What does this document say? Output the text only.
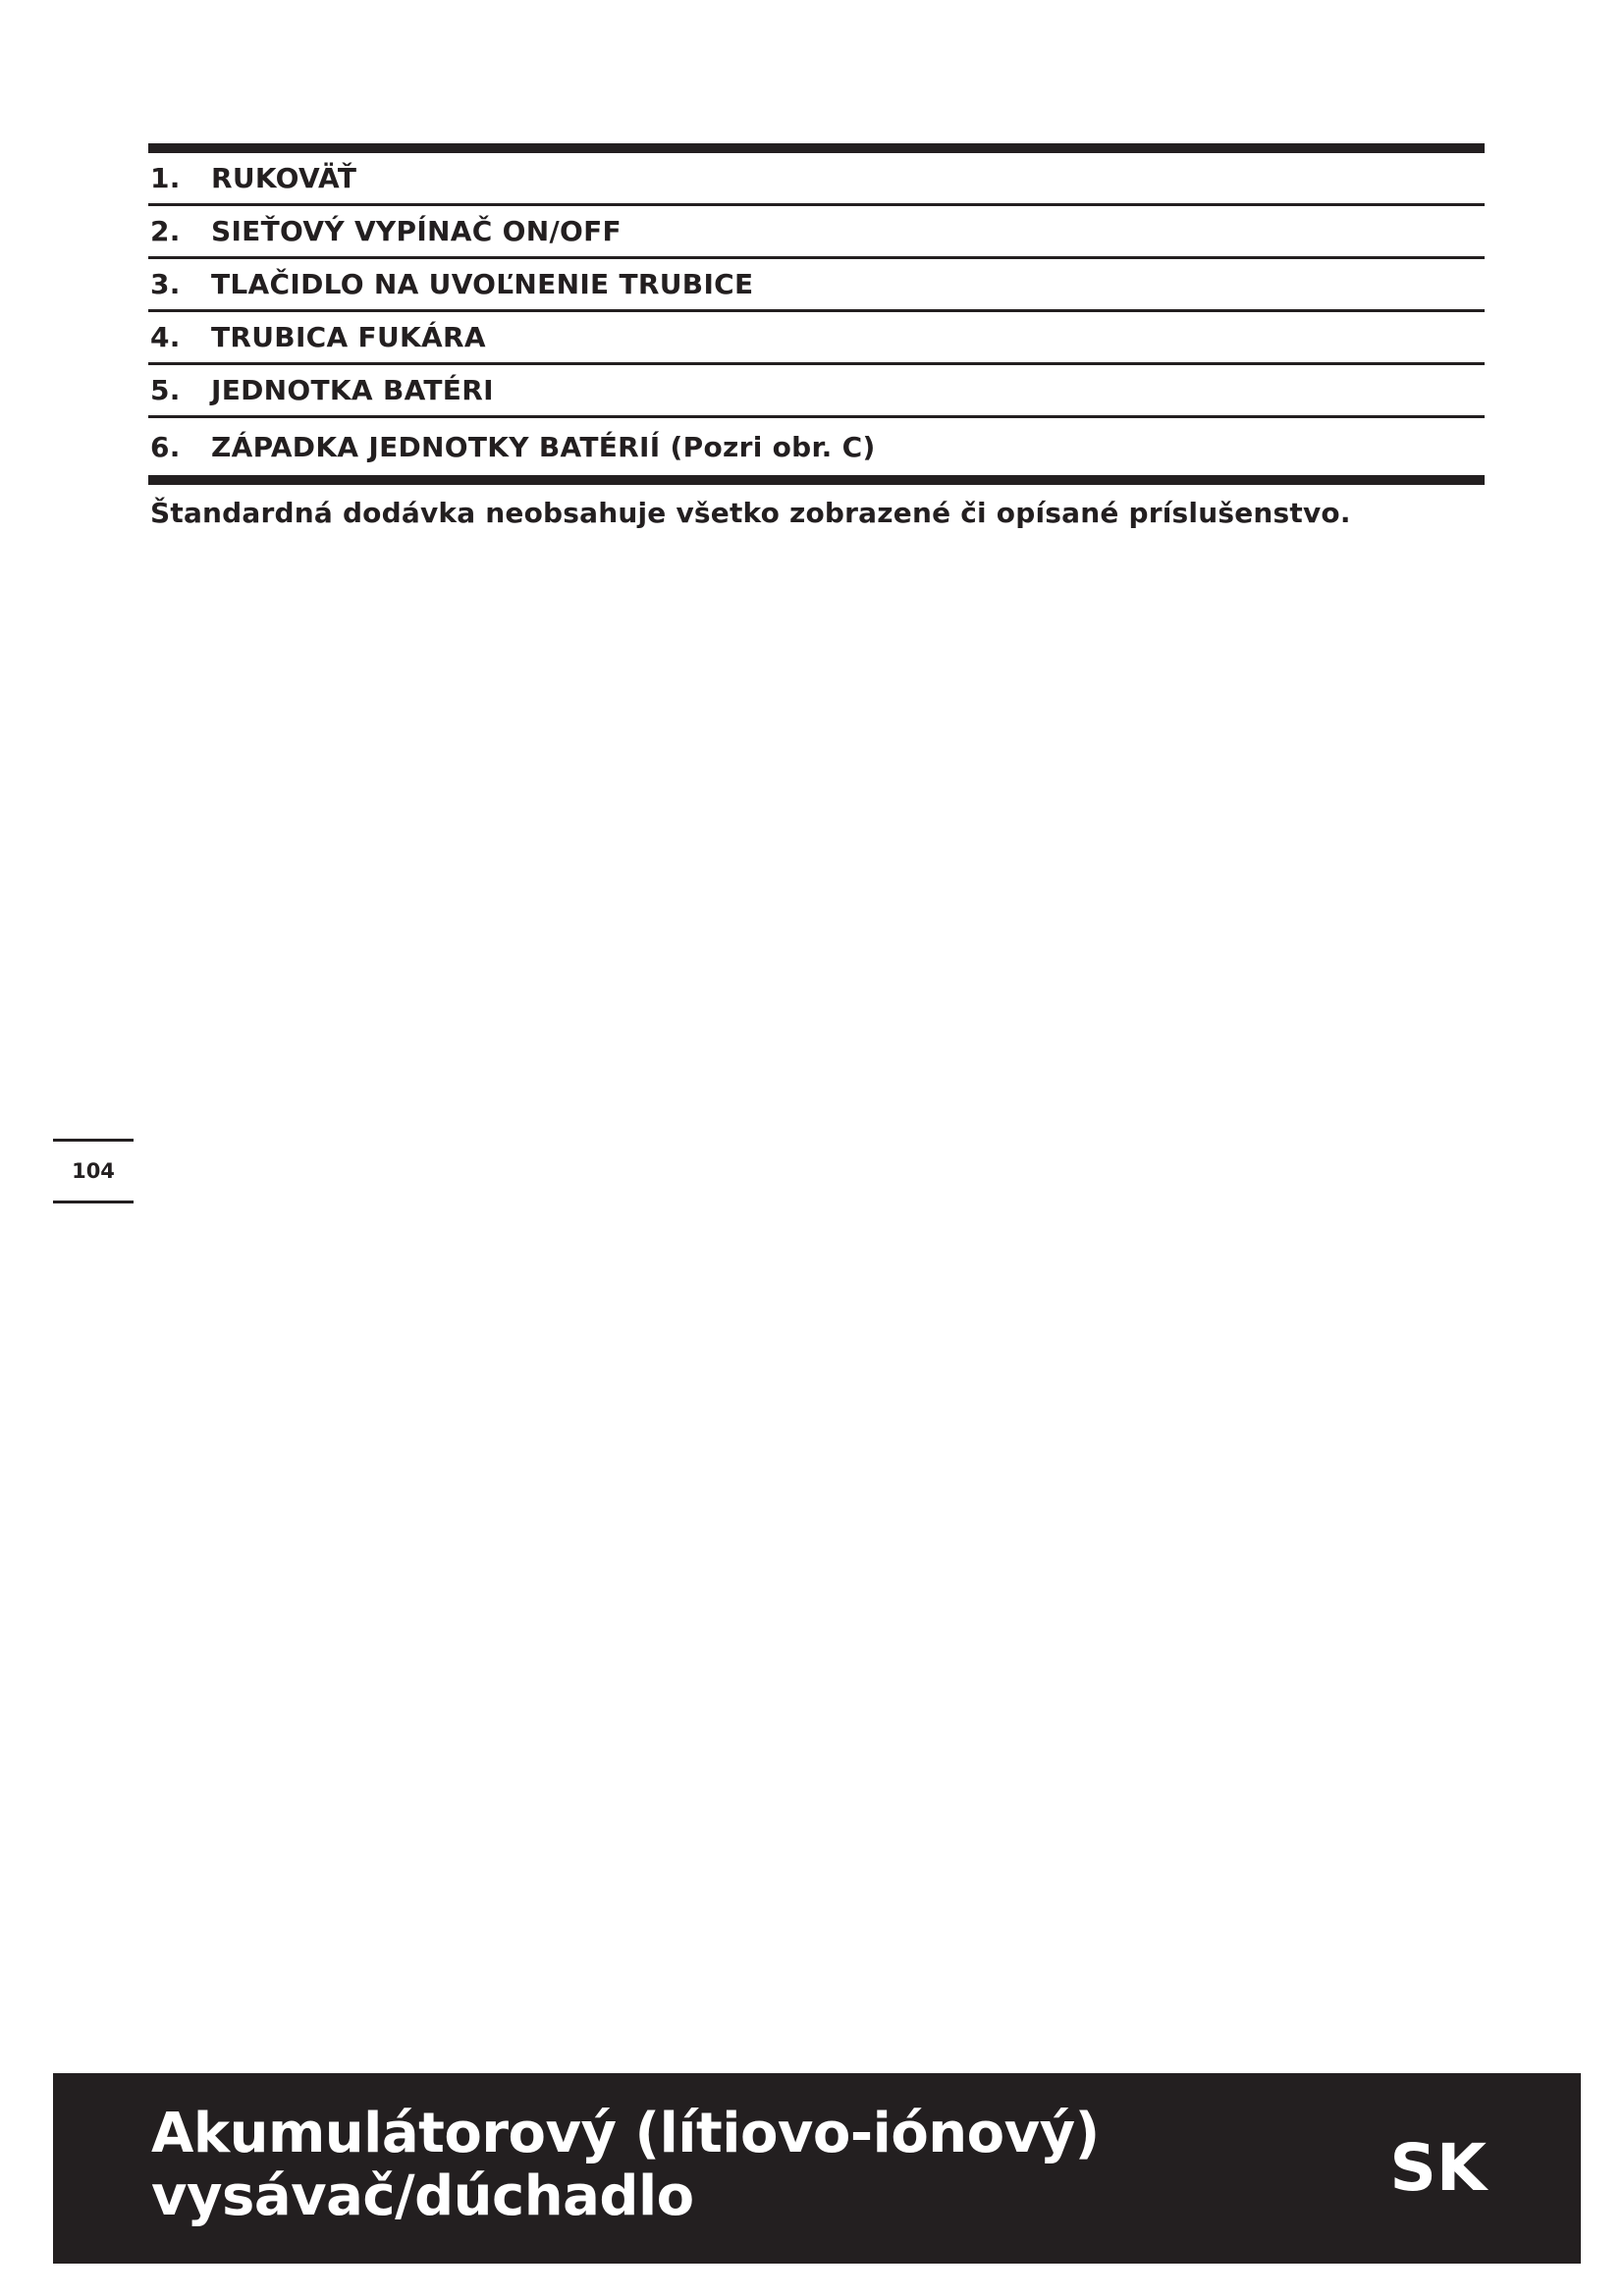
1.	RUKOVÄŤ
2.	SIEŤOVÝ VYPÍNAČ ON/OFF
3.	TLAČIDLO NA UVOĽNENIE TRUBICE
4.	TRUBICA FUKÁRA
5.	JEDNOTKA BATÉRI
6.	ZÁPADKA JEDNOTKY BATÉRIÍ (Pozri obr. C)
Štandardná dodávka neobsahuje všetko zobrazené či opísané príslušenstvo.
104
Akumulátorový (lítiovo-iónový)
vysávač/dúchadlo	SK
